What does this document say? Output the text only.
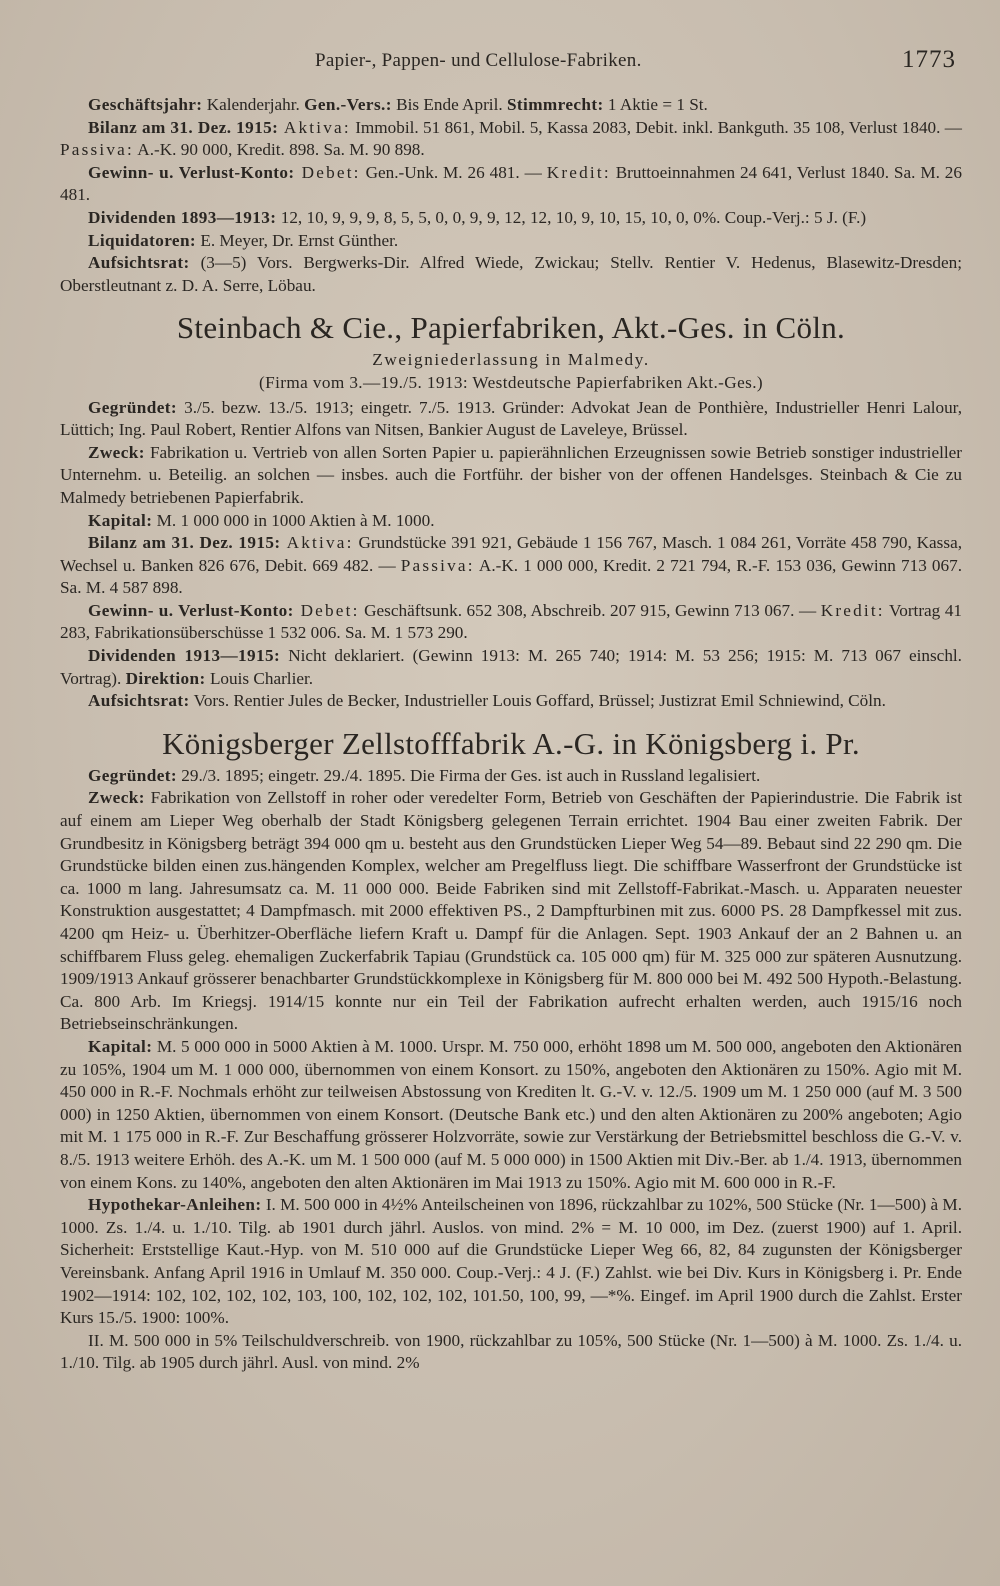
Papier-, Pappen- und Cellulose-Fabriken.	1773

Geschäftsjahr: Kalenderjahr. Gen.-Vers.: Bis Ende April. Stimmrecht: 1 Aktie = 1 St.

Bilanz am 31. Dez. 1915: Aktiva: Immobil. 51 861, Mobil. 5, Kassa 2083, Debit. inkl. Bankguth. 35 108, Verlust 1840. — Passiva: A.-K. 90 000, Kredit. 898. Sa. M. 90 898.

Gewinn- u. Verlust-Konto: Debet: Gen.-Unk. M. 26 481. — Kredit: Bruttoeinnahmen 24 641, Verlust 1840. Sa. M. 26 481.

Dividenden 1893—1913: 12, 10, 9, 9, 9, 8, 5, 5, 0, 0, 9, 9, 12, 12, 10, 9, 10, 15, 10, 0, 0%. Coup.-Verj.: 5 J. (F.)

Liquidatoren: E. Meyer, Dr. Ernst Günther.

Aufsichtsrat: (3—5) Vors. Bergwerks-Dir. Alfred Wiede, Zwickau; Stellv. Rentier V. Hedenus, Blasewitz-Dresden; Oberstleutnant z. D. A. Serre, Löbau.

Steinbach & Cie., Papierfabriken, Akt.-Ges. in Cöln.

Zweigniederlassung in Malmedy.

(Firma vom 3.—19./5. 1913: Westdeutsche Papierfabriken Akt.-Ges.)

Gegründet: 3./5. bezw. 13./5. 1913; eingetr. 7./5. 1913. Gründer: Advokat Jean de Ponthière, Industrieller Henri Lalour, Lüttich; Ing. Paul Robert, Rentier Alfons van Nitsen, Bankier August de Laveleye, Brüssel.

Zweck: Fabrikation u. Vertrieb von allen Sorten Papier u. papierähnlichen Erzeugnissen sowie Betrieb sonstiger industrieller Unternehm. u. Beteilig. an solchen — insbes. auch die Fortführ. der bisher von der offenen Handelsges. Steinbach & Cie zu Malmedy betriebenen Papierfabrik.

Kapital: M. 1 000 000 in 1000 Aktien à M. 1000.

Bilanz am 31. Dez. 1915: Aktiva: Grundstücke 391 921, Gebäude 1 156 767, Masch. 1 084 261, Vorräte 458 790, Kassa, Wechsel u. Banken 826 676, Debit. 669 482. — Passiva: A.-K. 1 000 000, Kredit. 2 721 794, R.-F. 153 036, Gewinn 713 067. Sa. M. 4 587 898.

Gewinn- u. Verlust-Konto: Debet: Geschäftsunk. 652 308, Abschreib. 207 915, Gewinn 713 067. — Kredit: Vortrag 41 283, Fabrikationsüberschüsse 1 532 006. Sa. M. 1 573 290.

Dividenden 1913—1915: Nicht deklariert. (Gewinn 1913: M. 265 740; 1914: M. 53 256; 1915: M. 713 067 einschl. Vortrag). Direktion: Louis Charlier.

Aufsichtsrat: Vors. Rentier Jules de Becker, Industrieller Louis Goffard, Brüssel; Justizrat Emil Schniewind, Cöln.

Königsberger Zellstofffabrik A.-G. in Königsberg i. Pr.

Gegründet: 29./3. 1895; eingetr. 29./4. 1895. Die Firma der Ges. ist auch in Russland legalisiert.

Zweck: Fabrikation von Zellstoff in roher oder veredelter Form, Betrieb von Geschäften der Papierindustrie. Die Fabrik ist auf einem am Lieper Weg oberhalb der Stadt Königsberg gelegenen Terrain errichtet. 1904 Bau einer zweiten Fabrik. Der Grundbesitz in Königsberg beträgt 394 000 qm u. besteht aus den Grundstücken Lieper Weg 54—89. Bebaut sind 22 290 qm. Die Grundstücke bilden einen zus.hängenden Komplex, welcher am Pregelfluss liegt. Die schiffbare Wasserfront der Grundstücke ist ca. 1000 m lang. Jahresumsatz ca. M. 11 000 000. Beide Fabriken sind mit Zellstoff-Fabrikat.-Masch. u. Apparaten neuester Konstruktion ausgestattet; 4 Dampfmasch. mit 2000 effektiven PS., 2 Dampfturbinen mit zus. 6000 PS. 28 Dampfkessel mit zus. 4200 qm Heiz- u. Überhitzer-Oberfläche liefern Kraft u. Dampf für die Anlagen. Sept. 1903 Ankauf der an 2 Bahnen u. an schiffbarem Fluss geleg. ehemaligen Zuckerfabrik Tapiau (Grundstück ca. 105 000 qm) für M. 325 000 zur späteren Ausnutzung. 1909/1913 Ankauf grösserer benachbarter Grundstückkomplexe in Königsberg für M. 800 000 bei M. 492 500 Hypoth.-Belastung. Ca. 800 Arb. Im Kriegsj. 1914/15 konnte nur ein Teil der Fabrikation aufrecht erhalten werden, auch 1915/16 noch Betriebseinschränkungen.

Kapital: M. 5 000 000 in 5000 Aktien à M. 1000. Urspr. M. 750 000, erhöht 1898 um M. 500 000, angeboten den Aktionären zu 105%, 1904 um M. 1 000 000, übernommen von einem Konsort. zu 150%, angeboten den Aktionären zu 150%. Agio mit M. 450 000 in R.-F. Nochmals erhöht zur teilweisen Abstossung von Krediten lt. G.-V. v. 12./5. 1909 um M. 1 250 000 (auf M. 3 500 000) in 1250 Aktien, übernommen von einem Konsort. (Deutsche Bank etc.) und den alten Aktionären zu 200% angeboten; Agio mit M. 1 175 000 in R.-F. Zur Beschaffung grösserer Holzvorräte, sowie zur Verstärkung der Betriebsmittel beschloss die G.-V. v. 8./5. 1913 weitere Erhöh. des A.-K. um M. 1 500 000 (auf M. 5 000 000) in 1500 Aktien mit Div.-Ber. ab 1./4. 1913, übernommen von einem Kons. zu 140%, angeboten den alten Aktionären im Mai 1913 zu 150%. Agio mit M. 600 000 in R.-F.

Hypothekar-Anleihen: I. M. 500 000 in 4½% Anteilscheinen von 1896, rückzahlbar zu 102%, 500 Stücke (Nr. 1—500) à M. 1000. Zs. 1./4. u. 1./10. Tilg. ab 1901 durch jährl. Auslos. von mind. 2% = M. 10 000, im Dez. (zuerst 1900) auf 1. April. Sicherheit: Erststellige Kaut.-Hyp. von M. 510 000 auf die Grundstücke Lieper Weg 66, 82, 84 zugunsten der Königsberger Vereinsbank. Anfang April 1916 in Umlauf M. 350 000. Coup.-Verj.: 4 J. (F.) Zahlst. wie bei Div. Kurs in Königsberg i. Pr. Ende 1902—1914: 102, 102, 102, 102, 103, 100, 102, 102, 102, 101.50, 100, 99, —*%. Eingef. im April 1900 durch die Zahlst. Erster Kurs 15./5. 1900: 100%.

II. M. 500 000 in 5% Teilschuldverschreib. von 1900, rückzahlbar zu 105%, 500 Stücke (Nr. 1—500) à M. 1000. Zs. 1./4. u. 1./10. Tilg. ab 1905 durch jährl. Ausl. von mind. 2%
